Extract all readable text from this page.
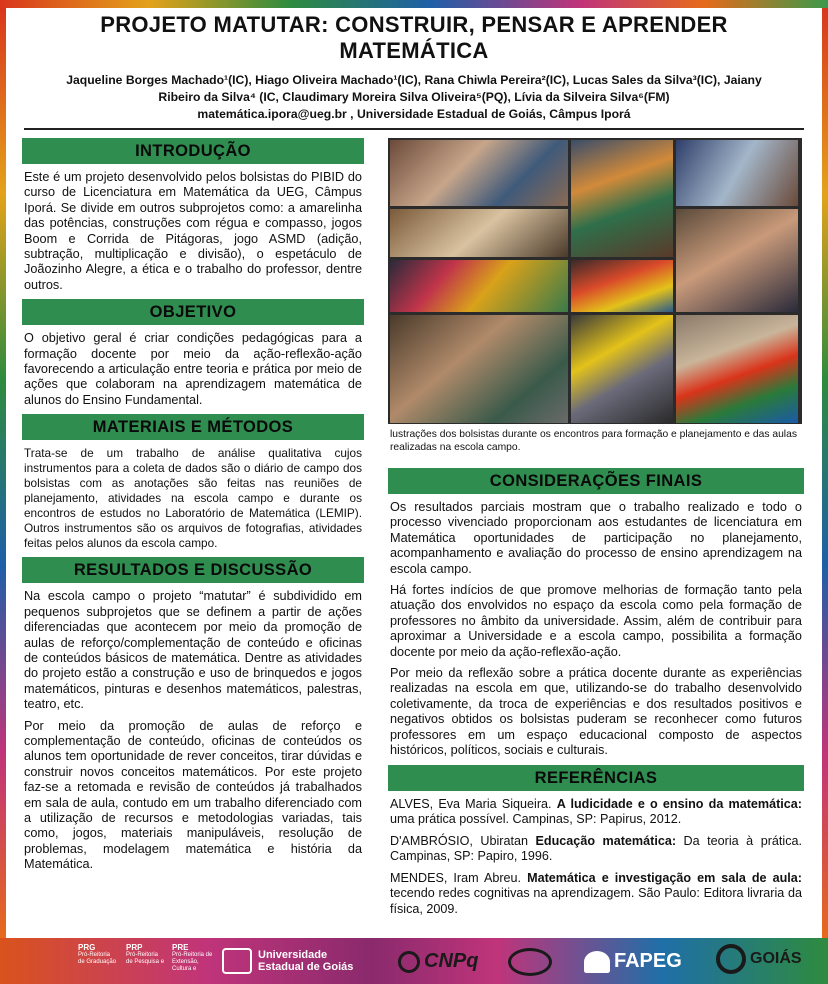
PROJETO MATUTAR: CONSTRUIR, PENSAR E APRENDER MATEMÁTICA
Jaqueline Borges Machado¹(IC), Hiago Oliveira Machado¹(IC), Rana Chiwla Pereira²(IC), Lucas Sales da Silva³(IC), Jaiany
Ribeiro da Silva⁴ (IC, Claudimary Moreira Silva Oliveira⁵(PQ), Lívia da Silveira Silva⁶(FM)
matemática.ipora@ueg.br , Universidade Estadual de Goiás, Câmpus Iporá
INTRODUÇÃO

Este é um projeto desenvolvido pelos bolsistas do PIBID do curso de Licenciatura em Matemática da UEG, Câmpus Iporá. Se divide em outros subprojetos como: a amarelinha das potências, construções com régua e compasso, jogos Boom e Corrida de Pitágoras, jogo ASMD (adição, subtração, multiplicação e divisão), o espetáculo de Joãozinho Alegre, a ética e o trabalho do professor, dentre outros.

OBJETIVO

O objetivo geral é criar condições pedagógicas para a formação docente por meio da ação-reflexão-ação favorecendo a articulação entre teoria e prática por meio de ações que colaboram na aprendizagem matemática de alunos do Ensino Fundamental.

MATERIAIS E MÉTODOS

Trata-se de um trabalho de análise qualitativa cujos instrumentos para a coleta de dados são o diário de campo dos bolsistas com as anotações são feitas nas reuniões de planejamento, atividades na escola campo e durante os encontros de estudos no Laboratório de Matemática (LEMIP). Outros instrumentos são os arquivos de fotografias, atividades feitas pelos alunos da escola campo.

RESULTADOS E DISCUSSÃO

Na escola campo o projeto “matutar” é subdividido em pequenos subprojetos que se definem a partir de ações diferenciadas que acontecem por meio da promoção de aulas de reforço/complementação de conteúdo e oficinas de conteúdos básicos de matemática. Dentre as atividades do projeto estão a construção e uso de brinquedos e jogos matemáticos, pinturas e desenhos matemáticos, palestras, teatro, etc.

Por meio da promoção de aulas de reforço e complementação de conteúdo, oficinas de conteúdos os alunos tem oportunidade de rever conceitos, tirar dúvidas e construir novos conceitos matemáticos. Por este projeto faz-se a retomada e revisão de conteúdos já trabalhados em sala de aula, contudo em um trabalho diferenciado com a utilização de recursos e metodologias variadas, tais como, jogos, materiais manipuláveis, resolução de problemas, modelagem matemática e história da Matemática.

lustrações dos bolsistas durante os encontros para formação e planejamento e das aulas realizadas na escola campo.
CONSIDERAÇÕES FINAIS

Os resultados parciais mostram que o trabalho realizado e todo o processo vivenciado proporcionam aos estudantes de licenciatura em Matemática oportunidades de participação no planejamento, acompanhamento e avaliação do processo de ensino aprendizagem na escola campo.

Há fortes indícios de que promove melhorias de formação tanto pela atuação dos envolvidos no espaço da escola como pela formação de professores no âmbito da universidade. Assim, além de contribuir para aproximar a Universidade e a escola campo, possibilita a formação docente por meio da ação-reflexão-ação.

Por meio da reflexão sobre a prática docente durante as experiências realizadas na escola em que, utilizando-se do trabalho desenvolvido coletivamente, da troca de experiências e dos resultados positivos e negativos obtidos os bolsistas puderam se reconhecer como futuros professores em um espaço educacional composto de aspectos históricos, políticos, sociais e culturais.

REFERÊNCIAS

ALVES, Eva Maria Siqueira. A ludicidade e o ensino da matemática: uma prática possível. Campinas, SP: Papirus, 2012.

D'AMBRÓSIO, Ubiratan Educação matemática: Da teoria à prática. Campinas, SP: Papiro, 1996.

MENDES, Iram Abreu. Matemática e investigação em sala de aula: tecendo redes cognitivas na aprendizagem. São Paulo: Editora livraria da física, 2009.

PRG
Pró-Reitoria de Graduação
PRP
Pró-Reitoria de Pesquisa e
PRE
Pró-Reitoria de Extensão, Cultura e
Universidade Estadual de Goiás	CNPq	FAPEG	GOIÁS
